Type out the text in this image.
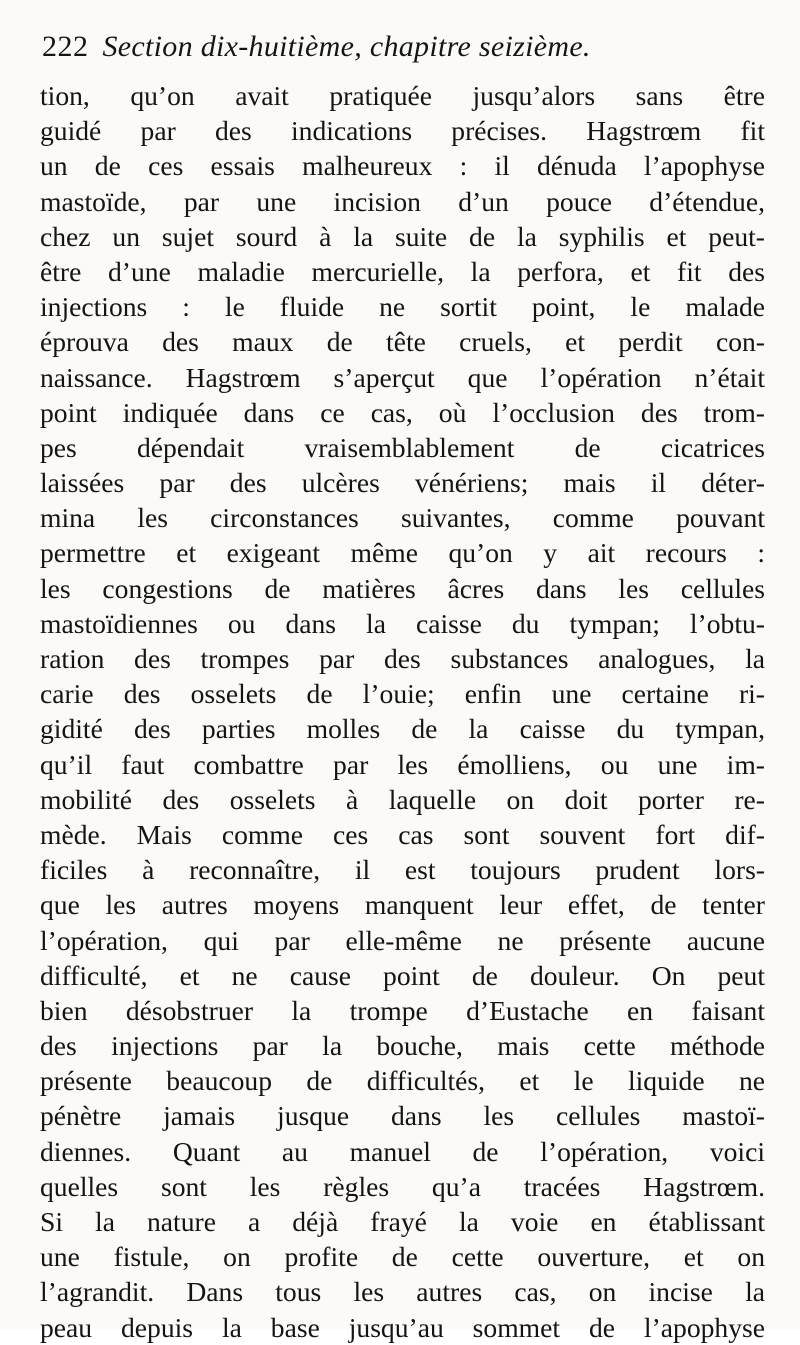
222 Section dix-huitième, chapitre seizième.
tion, qu’on avait pratiquée jusqu’alors sans être
guidé par des indications précises. Hagstrœm fit
un de ces essais malheureux : il dénuda l’apophyse
mastoïde, par une incision d’un pouce d’étendue,
chez un sujet sourd à la suite de la syphilis et peut-
être d’une maladie mercurielle, la perfora, et fit des
injections : le fluide ne sortit point, le malade
éprouva des maux de tête cruels, et perdit con-
naissance. Hagstrœm s’aperçut que l’opération n’était
point indiquée dans ce cas, où l’occlusion des trom-
pes dépendait vraisemblablement de cicatrices
laissées par des ulcères vénériens; mais il déter-
mina les circonstances suivantes, comme pouvant
permettre et exigeant même qu’on y ait recours :
les congestions de matières âcres dans les cellules
mastoïdiennes ou dans la caisse du tympan; l’obtu-
ration des trompes par des substances analogues, la
carie des osselets de l’ouie; enfin une certaine ri-
gidité des parties molles de la caisse du tympan,
qu’il faut combattre par les émolliens, ou une im-
mobilité des osselets à laquelle on doit porter re-
mède. Mais comme ces cas sont souvent fort dif-
ficiles à reconnaître, il est toujours prudent lors-
que les autres moyens manquent leur effet, de tenter
l’opération, qui par elle-même ne présente aucune
difficulté, et ne cause point de douleur. On peut
bien désobstruer la trompe d’Eustache en faisant
des injections par la bouche, mais cette méthode
présente beaucoup de difficultés, et le liquide ne
pénètre jamais jusque dans les cellules mastoï-
diennes. Quant au manuel de l’opération, voici
quelles sont les règles qu’a tracées Hagstrœm.
Si la nature a déjà frayé la voie en établissant
une fistule, on profite de cette ouverture, et on
l’agrandit. Dans tous les autres cas, on incise la
peau depuis la base jusqu’au sommet de l’apophyse
